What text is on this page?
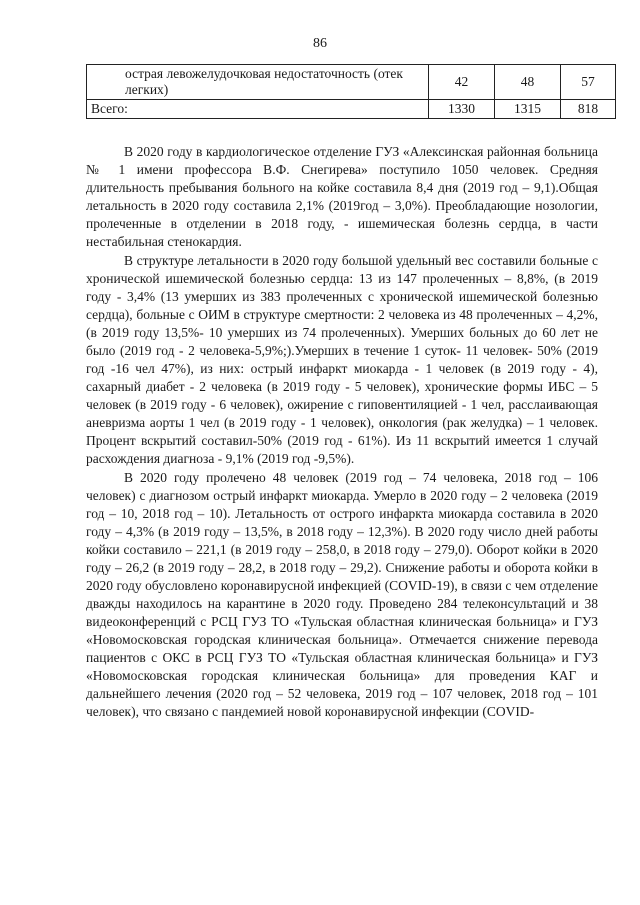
86
острая левожелудочковая недостаточность (отек легких)	42	48	57
Всего:	1330	1315	818

В 2020 году в кардиологическое отделение ГУЗ «Алексинская районная больница № 1 имени профессора В.Ф. Снегирева» поступило 1050 человек. Средняя длительность пребывания больного на койке составила 8,4 дня (2019 год – 9,1).Общая летальность в 2020 году составила 2,1% (2019год – 3,0%). Преобладающие нозологии, пролеченные в отделении в 2018 году, - ишемическая болезнь сердца, в части нестабильная стенокардия.

В структуре летальности в 2020 году большой удельный вес составили больные с хронической ишемической болезнью сердца: 13 из 147 пролеченных – 8,8%, (в 2019 году - 3,4% (13 умерших из 383 пролеченных с хронической ишемической болезнью сердца), больные с ОИМ в структуре смертности: 2 человека из 48 пролеченных – 4,2%, (в 2019 году 13,5%- 10 умерших из 74 пролеченных). Умерших больных до 60 лет не было (2019 год - 2 человека-5,9%;).Умерших в течение 1 суток- 11 человек- 50% (2019 год -16 чел 47%), из них: острый инфаркт миокарда - 1 человек (в 2019 году - 4), сахарный диабет - 2 человека (в 2019 году - 5 человек), хронические формы ИБС – 5 человек (в 2019 году - 6 человек), ожирение с гиповентиляцией - 1 чел, расслаивающая аневризма аорты 1 чел (в 2019 году - 1 человек), онкология (рак желудка) – 1 человек. Процент вскрытий составил-50% (2019 год - 61%). Из 11 вскрытий имеется 1 случай расхождения диагноза - 9,1% (2019 год -9,5%).

В 2020 году пролечено 48 человек (2019 год – 74 человека, 2018 год – 106 человек) с диагнозом острый инфаркт миокарда. Умерло в 2020 году – 2 человека (2019 год – 10, 2018 год – 10). Летальность от острого инфаркта миокарда составила в 2020 году – 4,3% (в 2019 году – 13,5%, в 2018 году – 12,3%). В 2020 году число дней работы койки составило – 221,1 (в 2019 году – 258,0, в 2018 году – 279,0). Оборот койки в 2020 году – 26,2 (в 2019 году – 28,2, в 2018 году – 29,2). Снижение работы и оборота койки в 2020 году обусловлено коронавирусной инфекцией (COVID-19), в связи с чем отделение дважды находилось на карантине в 2020 году. Проведено 284 телеконсультаций и 38 видеоконференций с РСЦ ГУЗ ТО «Тульская областная клиническая больница» и ГУЗ «Новомосковская городская клиническая больница». Отмечается снижение перевода пациентов с ОКС в РСЦ ГУЗ ТО «Тульская областная клиническая больница» и ГУЗ «Новомосковская городская клиническая больница» для проведения КАГ и дальнейшего лечения (2020 год – 52 человека, 2019 год – 107 человек, 2018 год – 101 человек), что связано с пандемией новой коронавирусной инфекции (COVID-
